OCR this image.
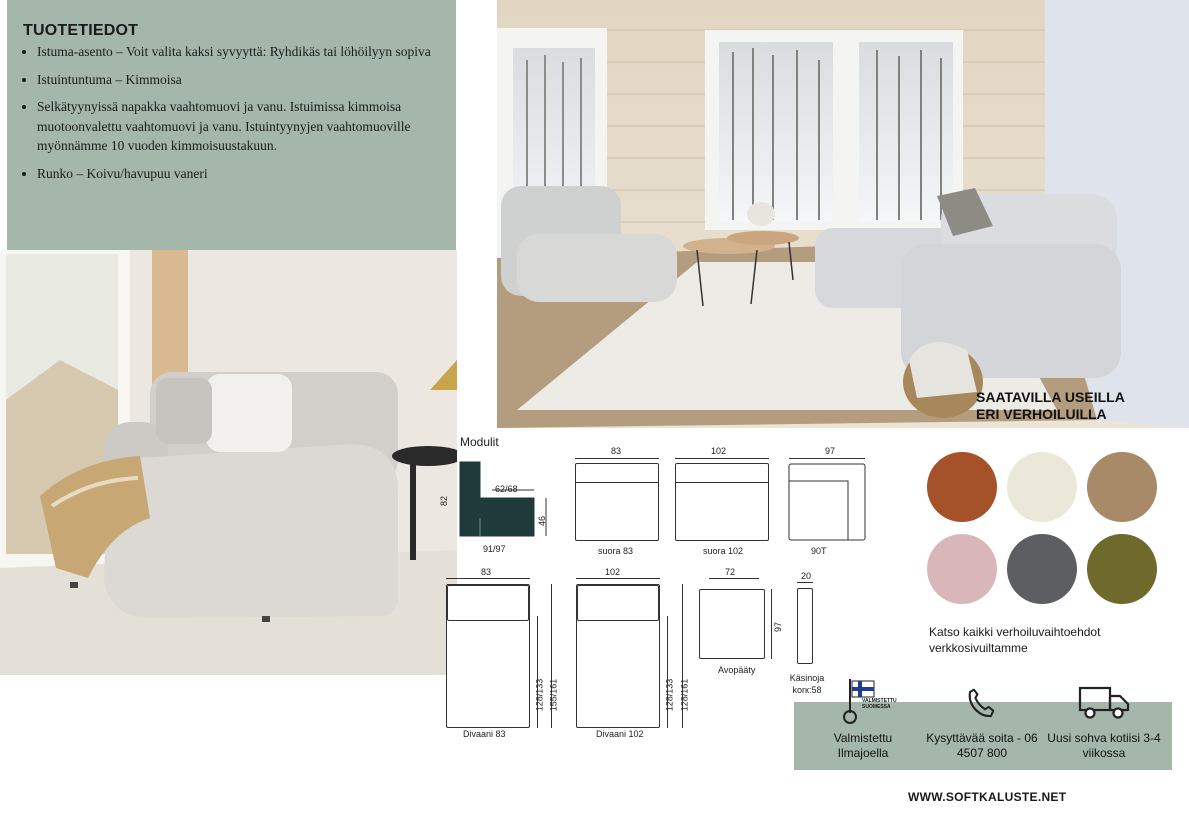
TUOTETIEDOT
• Istuma-asento – Voit valita kaksi syvyyttä: Ryhdikäs tai löhöilyyn sopiva
• Istuintuntuma – Kimmoisa
• Selkätyynyissä napakka vaahtomuovi ja vanu. Istuimissa kimmoisa muotoonvalettu vaahtomuovi ja vanu. Istuintyynyjen vaahtomuoville myönnämme 10 vuoden kimmoisuustakuun.
• Runko – Koivu/havupuu vaneri
Modulit
62/68
82
46
91/97
83
suora 83
102
suora 102
97
90T
83
128/133 155/161
Divaani 83
102
128/133 128/161
Divaani 102
72
97
Avopääty
20
Käsinoja korк:58
SAATAVILLA USEILLA ERI VERHOILUILLA
Katso kaikki verhoiluvaihtoehdot verkkosivuiltamme
VALMISTETTU SUOMESSA
Valmistettu Ilmajoella
Kysyttävää soita - 06 4507 800
Uusi sohva kotiisi 3-4 viikossa
WWW.SOFTKALUSTE.NET
